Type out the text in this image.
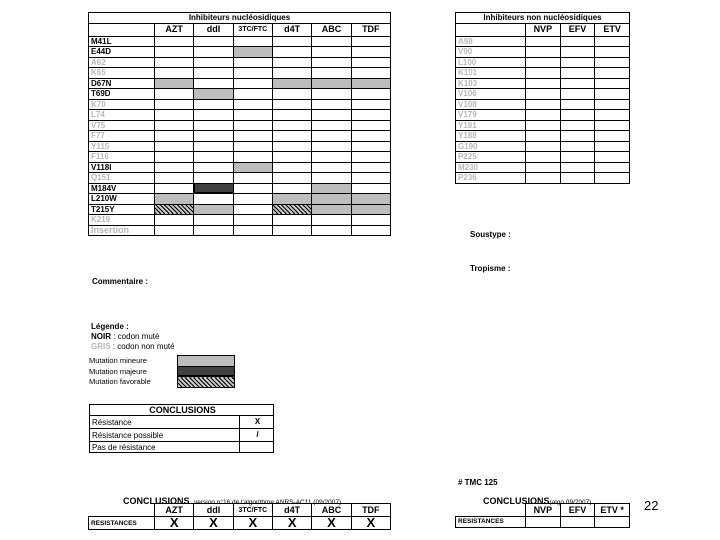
Inhibiteurs nucléosidiques						
	AZT	ddI	3TC/FTC	d4T	ABC	TDF
M41L						
E44D						
A62						
K65						
D67N						
T69D						
K70						
L74						
V75						
F77						
Y115						
F116						
V118I						
Q151						
M184V						
L210W						
T215Y						
K219						
Insertion						
Inhibiteurs non nucléosidiques			
	NVP	EFV	ETV
A98			
V90			
L100			
K101			
K103			
V106			
V108			
V179			
Y181			
Y188			
G190			
P225			
M230			
P236			
Soustype :
Tropisme :
Commentaire :
Légende :
NOIR : codon muté
GRIS : codon non muté
Mutation mineure	
Mutation majeure	
Mutation favorable	
CONCLUSIONS	
Résistance	X
Résistance possible	/
Pas de résistance	
# TMC 125
CONCLUSIONS version n°16 de l'algorithme ANRS-AC11 (09/2007)
	AZT	ddI	3TC/FTC	d4T	ABC	TDF
RESISTANCES	X	X	X	X	X	X
CONCLUSIONS(algo 09/2007)
	NVP	EFV	ETV *
RESISTANCES			
22
